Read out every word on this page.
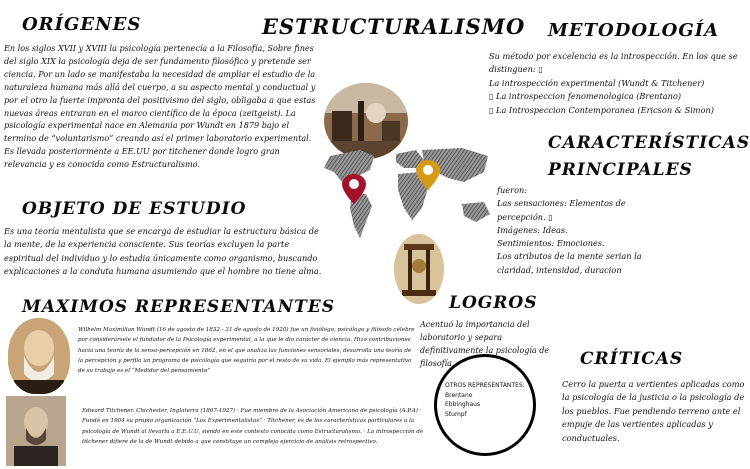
ESTRUCTURALISMO
ORÍGENES	METODOLOGÍA
CARACTERÍSTICAS
PRINCIPALES
OBJETO DE ESTUDIO
MAXIMOS REPRESENTANTES	LOGROS
CRÍTICAS
En los siglos XVII y XVIII la psicología pertenecía a la Filosofía, Sobre fines del siglo XIX la psicología deja de ser fundamento filosófico y pretende ser ciencia. Por un lado se manifestaba la necesidad de ampliar el estudio de la naturaleza humana más allá del cuerpo, a su aspecto mental y conductual y por el otro la fuerte impronta del positivismo del siglo, obligaba a que estas nuevas áreas entraran en el marco científico de la época (zeitgeist). La psicología experimental nace en Alemania por Wundt en 1879 bajo el termino de “voluntarismo” creando así el primer laboratorio experimental. Es llevada posteriormente a EE.UU por titchener donde logro gran relevancia y es conocida como Estructuralismo.
Su método por excelencia es la introspección. En los que se distinguen: ▯
La introspección experimental (Wundt & Titchener)
▯ La introspeccion fenomenologica (Brentano)
▯ La Introspeccion Contemporanea (Ericson & Simon)
fueron:
Las sensaciones: Elementos de percepción. ▯
Imágenes: Ideas.
Sentimientos: Emociones.
Los atributos de la mente serian la claridad, intensidad, duracion
Es una teoría mentalista que se encarga de estudiar la estructura básica de la mente, de la experiencia consciente. Sus teorías excluyen la parte espiritual del individuo y lo estudia únicamente como organismo, buscando explicaciones a la conduta humana asumiendo que el hombre no tiene alma.
Wilhelm Maximilian Wundt (16 de agosto de 1832 - 31 de agosto de 1920) fue un fisiólogo, psicólogo y filósofo célebre por considerársele el fundador de la Psicología experimental, a la que le dio carácter de ciencia. Hizo contribuciones hacia una teoría de la senso-percepción en 1862, en el que analiza las funciones sensoriales, desarrolla una teoría de la percepción y perfila un programa de psicología que seguiría por el resto de su vida. El ejemplo más representativo de su trabajo es el “Medidor del pensamiento”
Edward Titchener. Chichester, Inglaterra (1867-1927) · Fue miembro de la Asociación Americana de psicología (A.P.A) · Fundó en 1904 su propio organización “Los Experimentalistas” · Titchener, es de los características particulares a la psicología de Wundt al llevarla a E.E.U.U, siendo en este contexto conocida como Estructuralismo. · La introspección de titchener difiere de la de Wundt debido a que constituye un complejo ejercicio de análisis retrospectivo.
Acentuó la importancia del laboratorio y separa definitivamente la psicología de filosofía.
Cerro la puerta a vertientes aplicadas como la psicología de la justicia o la psicología de los pueblos. Fue pendiendo terreno ante el empuje de las vertientes aplicadas y conductuales.
OTROS REPRESENTANTES:
Brentano
Ebbinghaus
Stumpf
